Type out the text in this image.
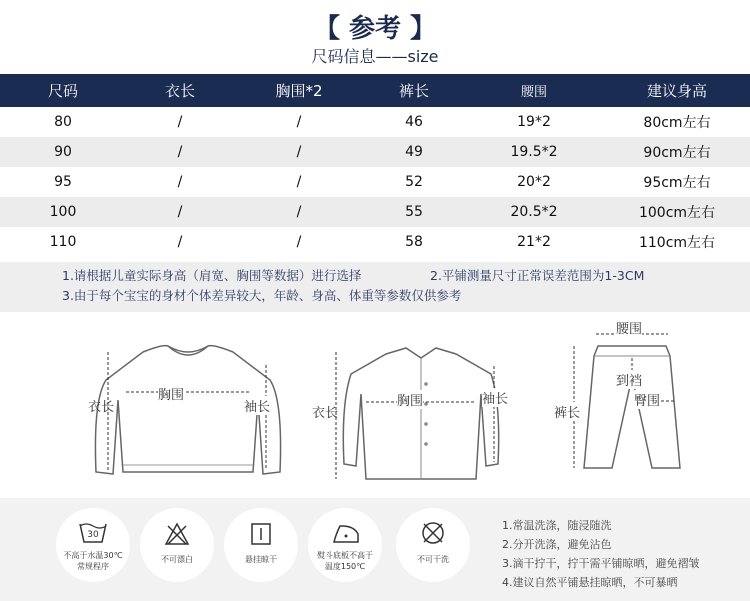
【 参考 】
尺码信息——size
尺码	衣长	胸围*2	裤长	腰围	建议身高
80	/	/	46	19*2	80cm左右
90	/	/	49	19.5*2	90cm左右
95	/	/	52	20*2	95cm左右
100	/	/	55	20.5*2	100cm左右
110	/	/	58	21*2	110cm左右
1.请根据儿童实际身高（肩宽、胸围等数据）进行选择	2.平铺测量尺寸正常误差范围为1-3CM
3.由于每个宝宝的身材个体差异较大，年龄、身高、体重等参数仅供参考
衣长
胸围
袖长	衣长
胸围	袖长
腰围
到裆
臀围
裤长
30
不高于水温30℃
常规程序
不可漂白	悬挂晾干	熨斗底板不高于
温度150℃
不可干洗
1.常温洗涤，随浸随洗
2.分开洗涤，避免沾色
3.滴干拧干，拧干需平铺晾晒，避免褶皱
4.建议自然平铺悬挂晾晒，不可暴晒
